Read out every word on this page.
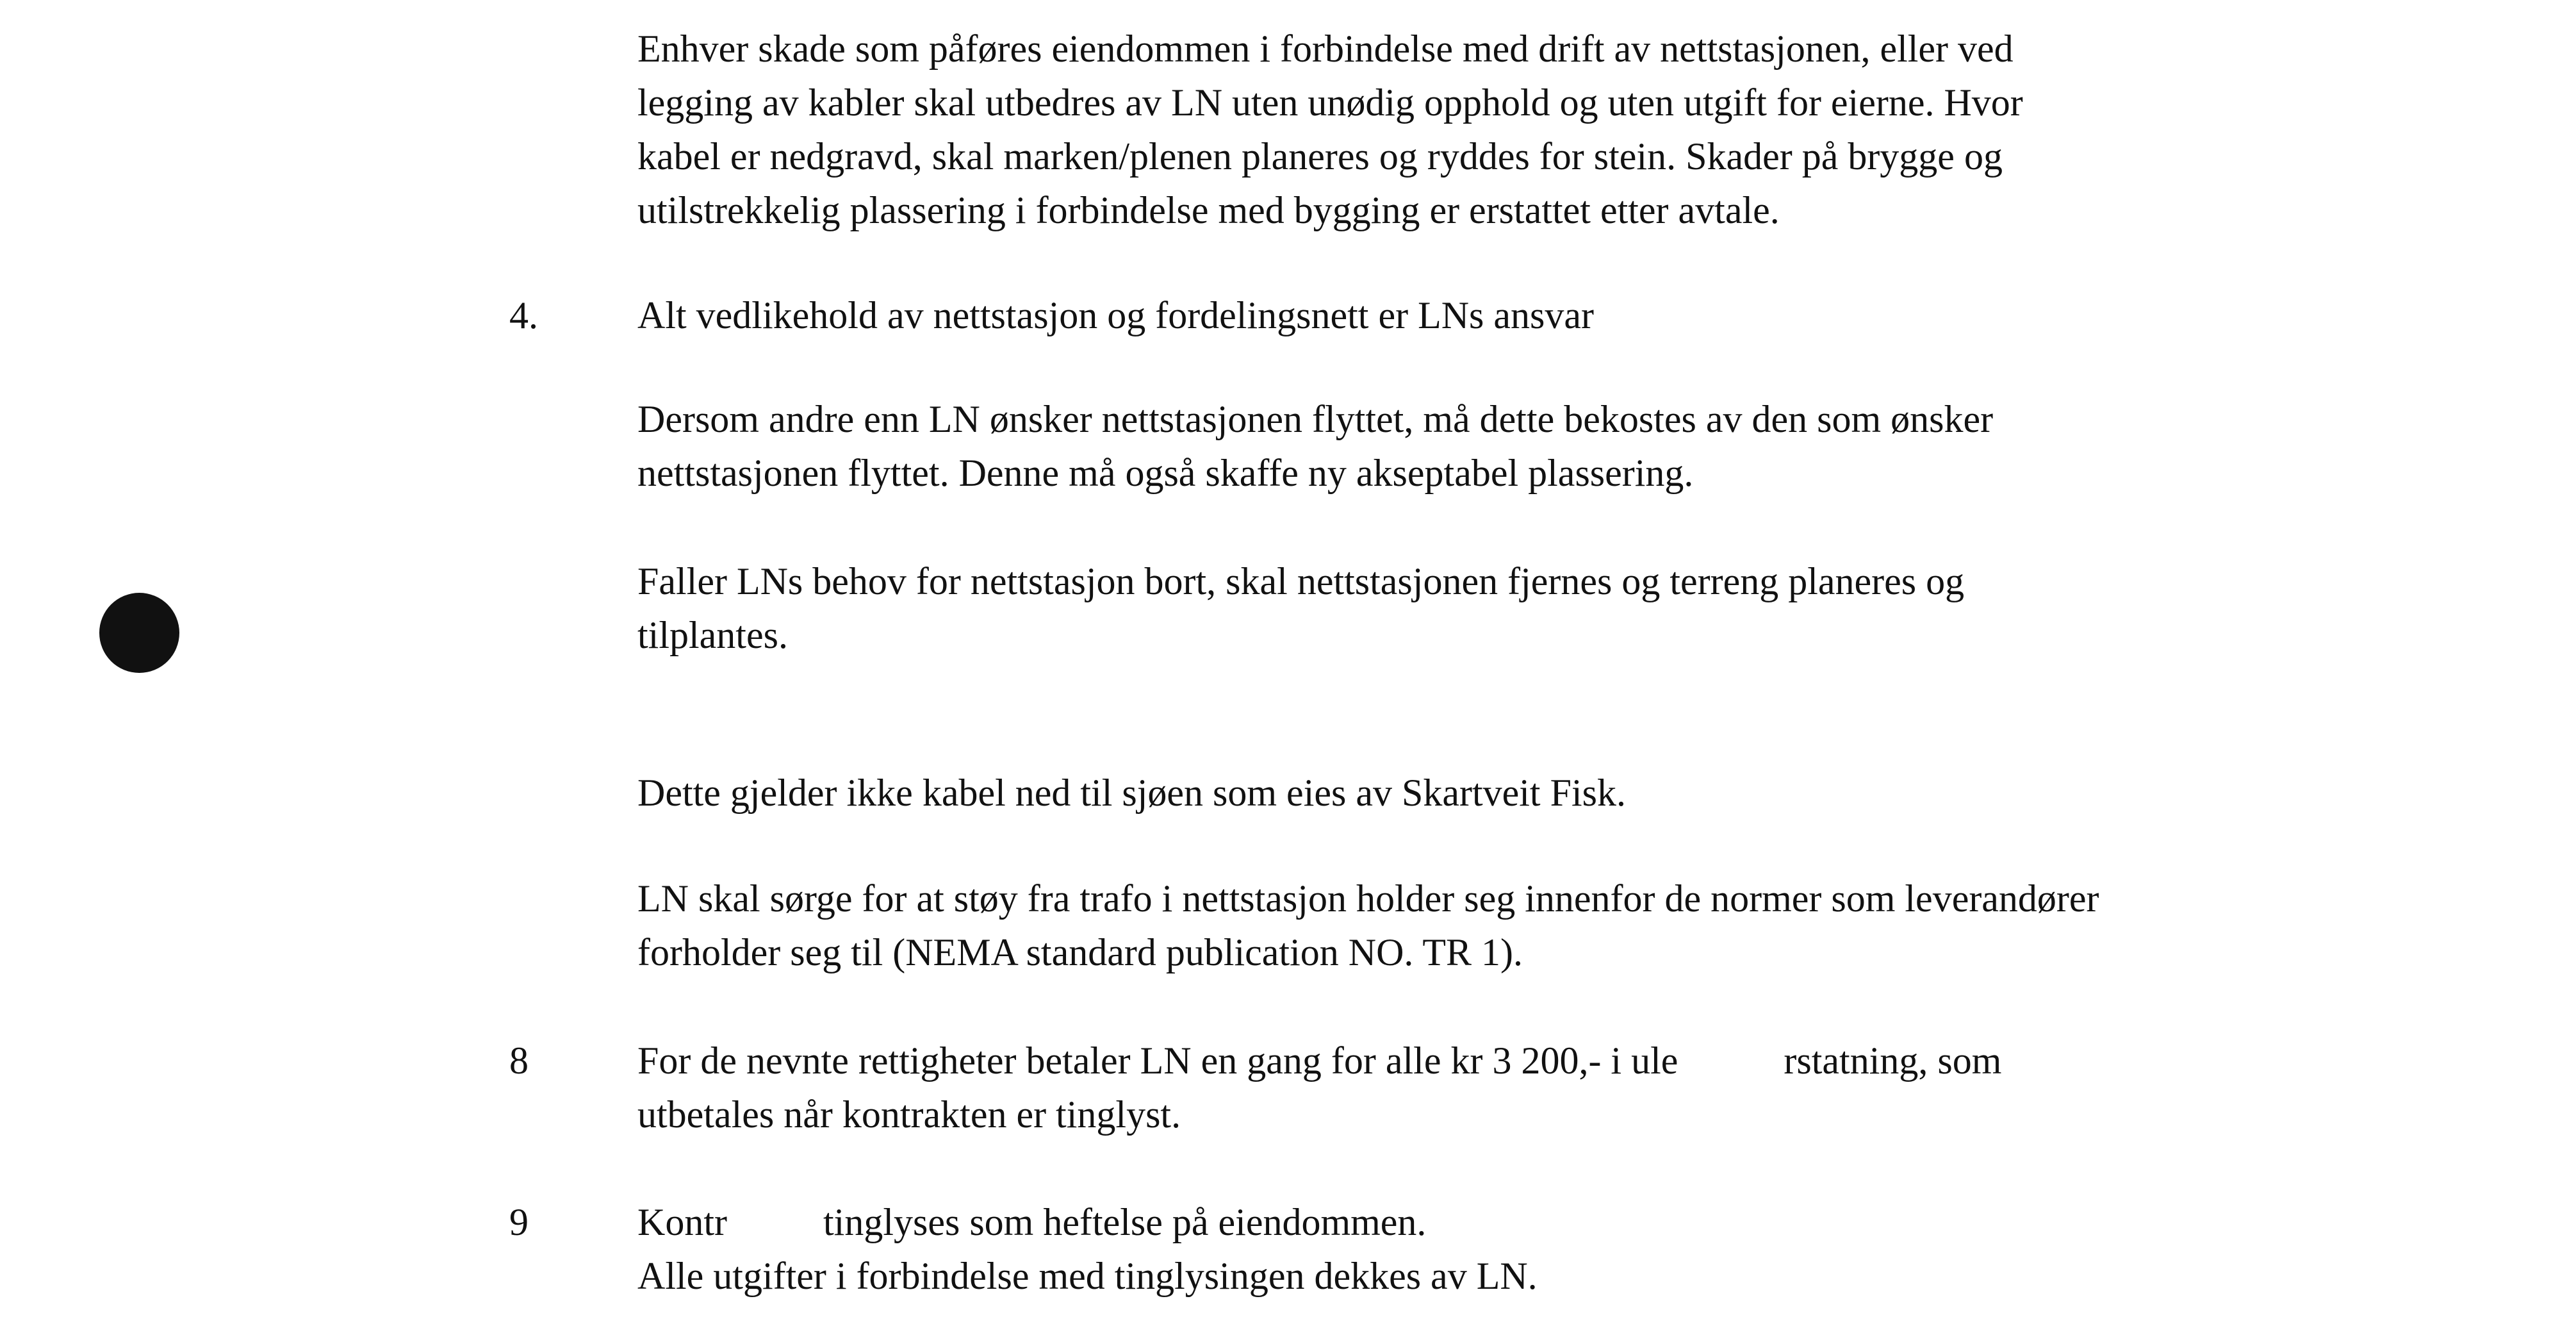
Enhver skade som påføres eiendommen i forbindelse med drift av nettstasjonen, eller ved
legging av kabler skal utbedres av LN uten unødig opphold og uten utgift for eierne. Hvor
kabel er nedgravd, skal marken/plenen planeres og ryddes for stein. Skader på brygge og
utilstrekkelig plassering i forbindelse med bygging er erstattet etter avtale.

4.	Alt vedlikehold av nettstasjon og fordelingsnett er LNs ansvar

Dersom andre enn LN ønsker nettstasjonen flyttet, må dette bekostes av den som ønsker
nettstasjonen flyttet. Denne må også skaffe ny akseptabel plassering.

Faller LNs behov for nettstasjon bort, skal nettstasjonen fjernes og terreng planeres og
tilplantes.

Dette gjelder ikke kabel ned til sjøen som eies av Skartveit Fisk.

LN skal sørge for at støy fra trafo i nettstasjon holder seg innenfor de normer som leverandører
forholder seg til (NEMA standard publication NO. TR 1).

8	For de nevnte rettigheter betaler LN en gang for alle kr 3 200,- i ule           rstatning, som
utbetales når kontrakten er tinglyst.

9	Kontr          tinglyses som heftelse på eiendommen.
Alle utgifter i forbindelse med tinglysingen dekkes av LN.
